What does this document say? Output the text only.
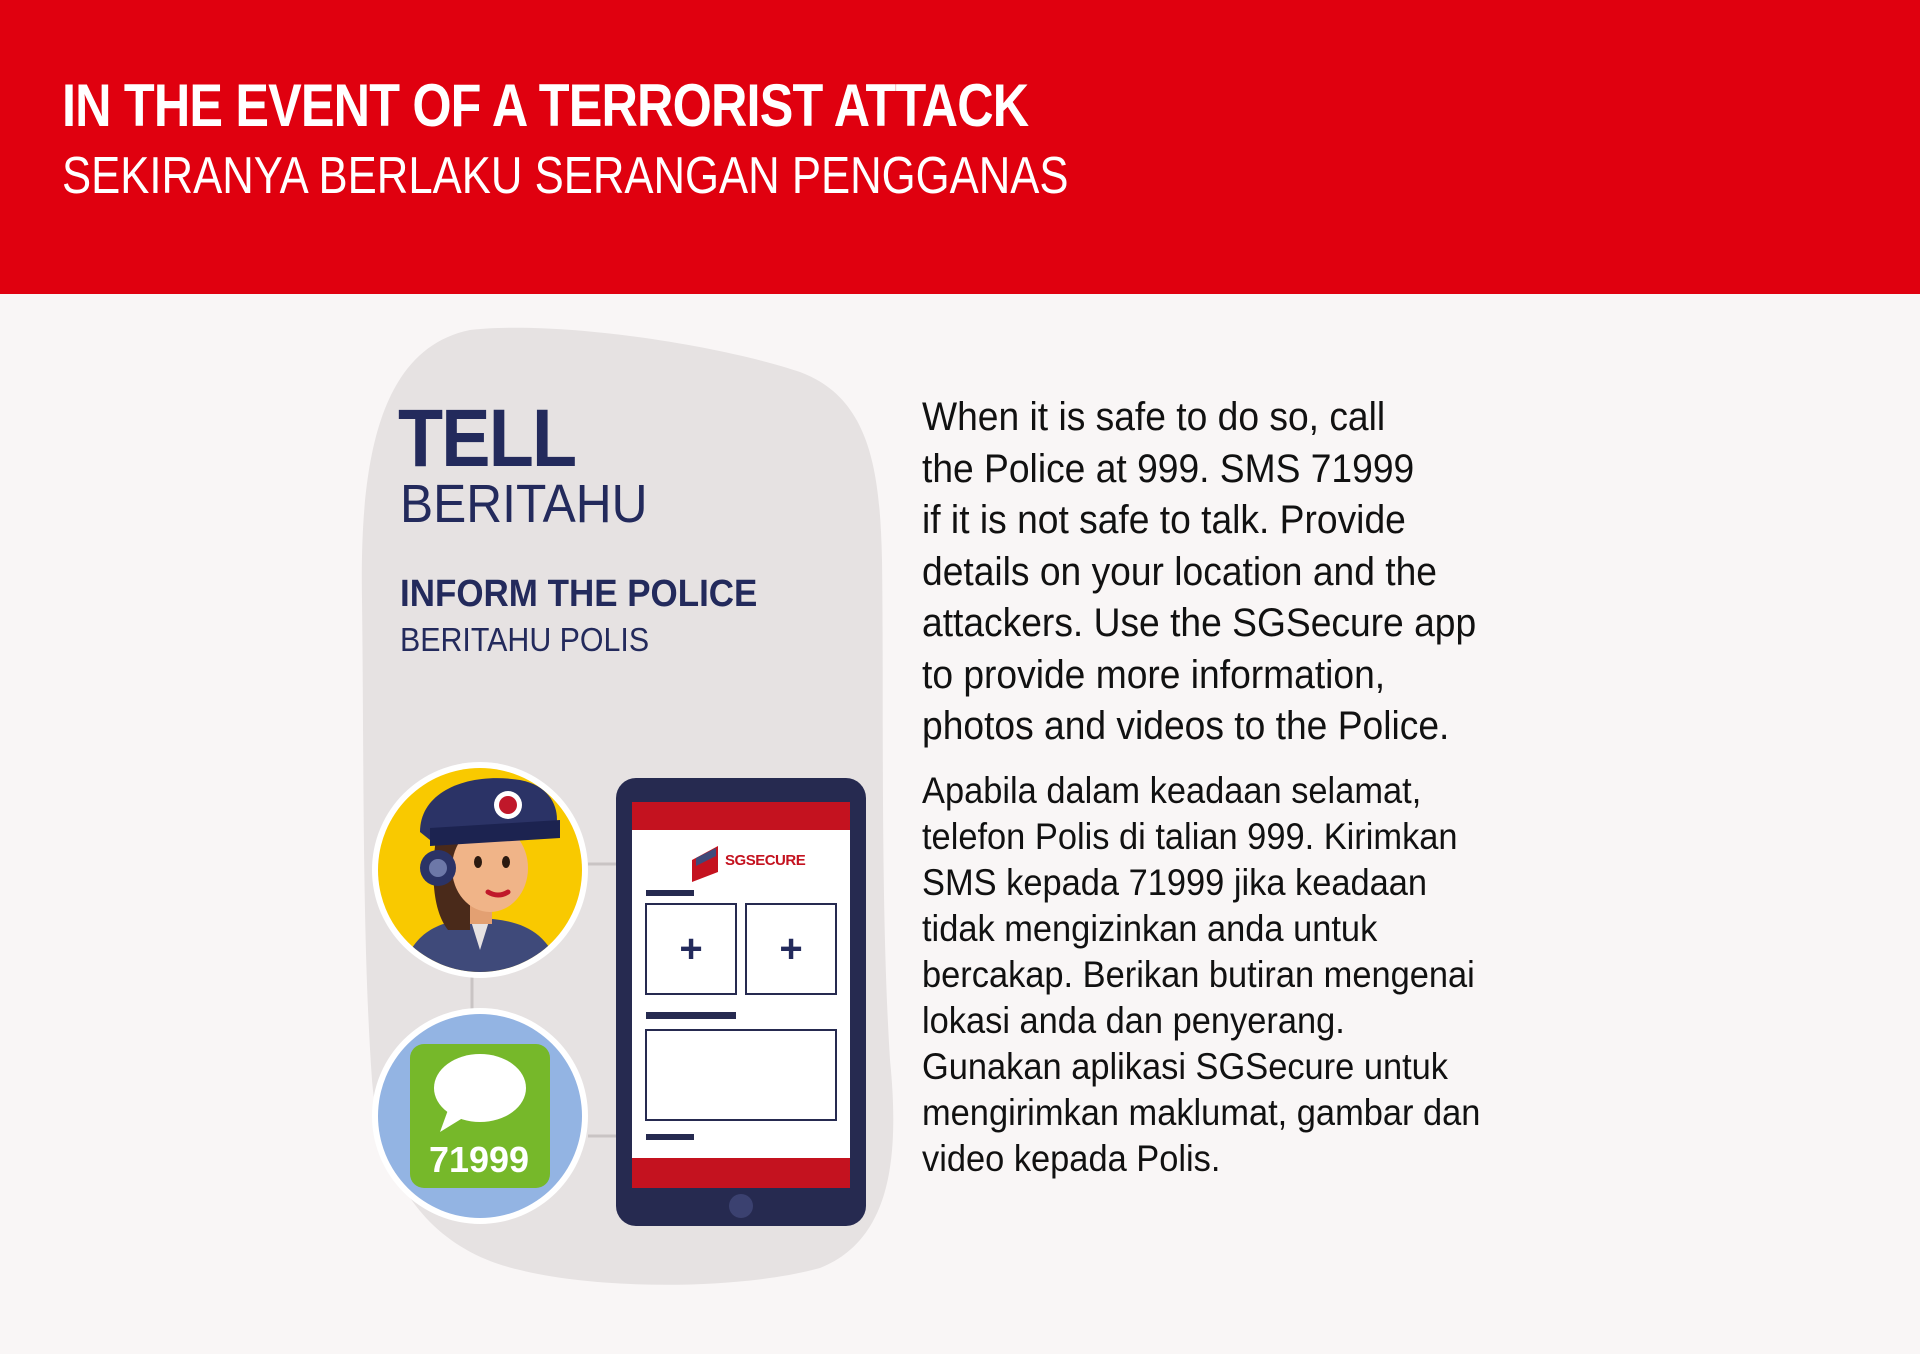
IN THE EVENT OF A TERRORIST ATTACK
SEKIRANYA BERLAKU SERANGAN PENGGANAS
SGSECURE
+	+
71999
TELL
BERITAHU
INFORM THE POLICE
BERITAHU POLIS

When it is safe to do so, call
the Police at 999. SMS 71999
if it is not safe to talk. Provide
details on your location and the
attackers. Use the SGSecure app
to provide more information,
photos and videos to the Police.

Apabila dalam keadaan selamat,
telefon Polis di talian 999. Kirimkan
SMS kepada 71999 jika keadaan
tidak mengizinkan anda untuk
bercakap. Berikan butiran mengenai
lokasi anda dan penyerang.
Gunakan aplikasi SGSecure untuk
mengirimkan maklumat, gambar dan
video kepada Polis.
